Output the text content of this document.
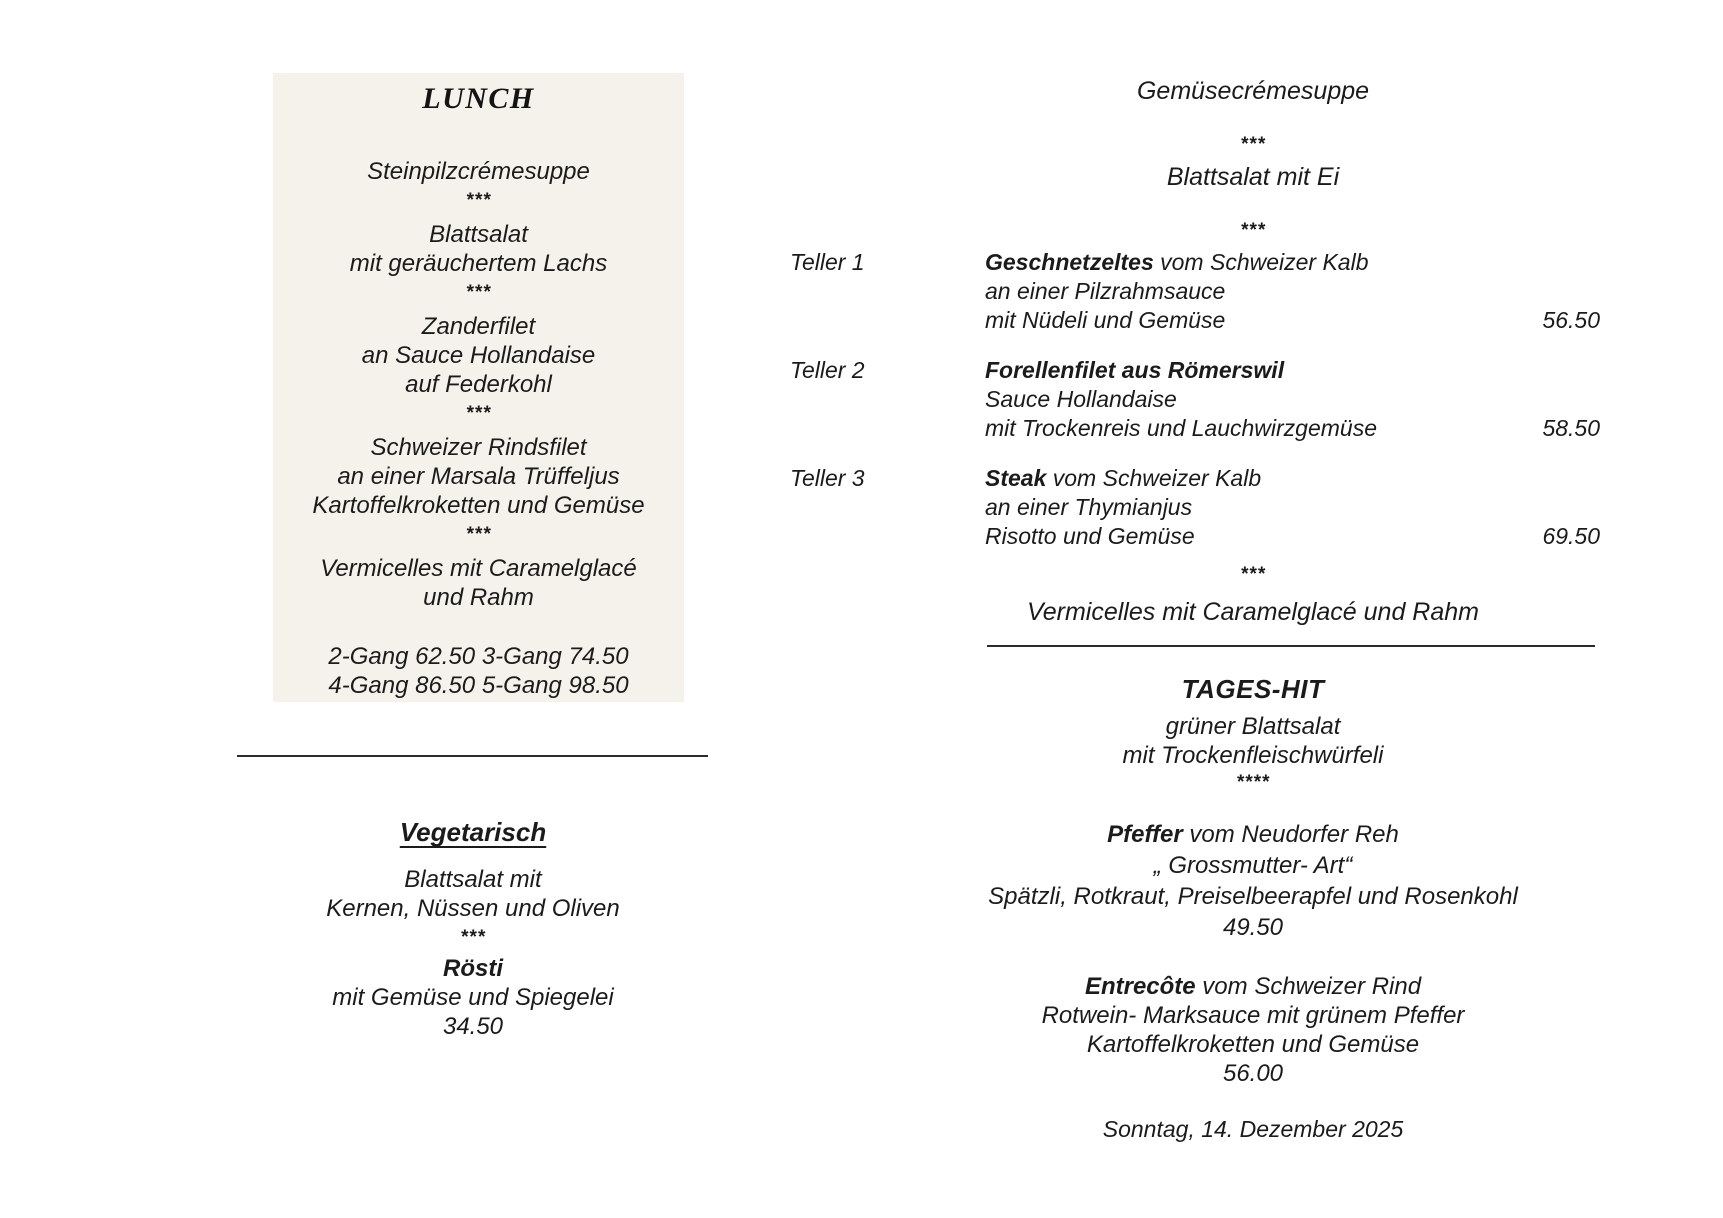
LUNCH
Steinpilzcrémesuppe
***
Blattsalat
mit geräuchertem Lachs
***
Zanderfilet
an Sauce Hollandaise
auf Federkohl
***
Schweizer Rindsfilet
an einer Marsala Trüffeljus
Kartoffelkroketten und Gemüse
***
Vermicelles mit Caramelglacé
und Rahm
2-Gang 62.50 3-Gang 74.50
4-Gang 86.50 5-Gang 98.50
Vegetarisch
Blattsalat mit
Kernen, Nüssen und Oliven
***
Rösti
mit Gemüse und Spiegelei
34.50
Gemüsecrémesuppe
***
Blattsalat mit Ei
***
Teller 1	Geschnetzeltes vom Schweizer Kalb
an einer Pilzrahmsauce
mit Nüdeli und Gemüse	56.50
Teller 2	Forellenfilet aus Römerswil
Sauce Hollandaise
mit Trockenreis und Lauchwirzgemüse	58.50
Teller 3	Steak vom Schweizer Kalb
an einer Thymianjus
Risotto und Gemüse	69.50
***
Vermicelles mit Caramelglacé und Rahm
TAGES-HIT
grüner Blattsalat
mit Trockenfleischwürfeli
****
Pfeffer vom Neudorfer Reh
„ Grossmutter- Art“
Spätzli, Rotkraut, Preiselbeerapfel und Rosenkohl
49.50
Entrecôte vom Schweizer Rind
Rotwein- Marksauce mit grünem Pfeffer
Kartoffelkroketten und Gemüse
56.00
Sonntag, 14. Dezember 2025
